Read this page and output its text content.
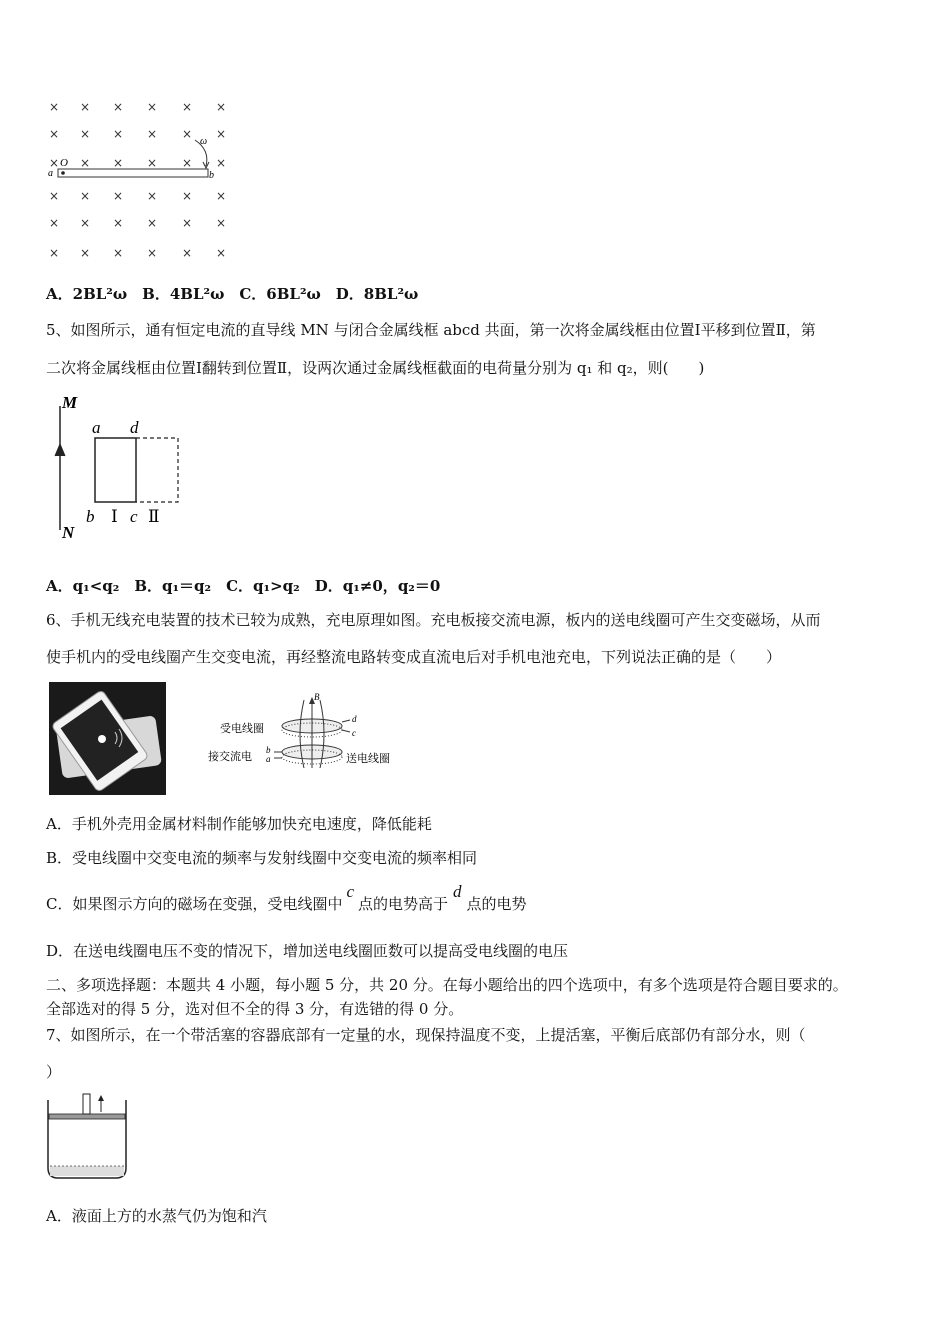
× × × × × ×
× × × × × ×
× × × × × ×
× × × × × ×
× × × × × ×
× × × × × ×
O
a	b
ω
A．2BL²ω　B．4BL²ω　C．6BL²ω　D．8BL²ω
5、如图所示，通有恒定电流的直导线 MN 与闭合金属线框 abcd 共面，第一次将金属线框由位置Ⅰ平移到位置Ⅱ，第
二次将金属线框由位置Ⅰ翻转到位置Ⅱ，设两次通过金属线框截面的电荷量分别为 q₁ 和 q₂，则(　　)
M
N
a d
b Ⅰ c Ⅱ
A．q₁<q₂　B．q₁＝q₂　C．q₁>q₂　D．q₁≠0，q₂＝0
6、手机无线充电装置的技术已较为成熟，充电原理如图。充电板接交流电源，板内的送电线圈可产生交变磁场，从而
使手机内的受电线圈产生交变电流，再经整流电路转变成直流电后对手机电池充电，下列说法正确的是（　　）
B
d
c
b
a
受电线圈
接交流电	送电线圈
A．手机外壳用金属材料制作能够加快充电速度，降低能耗
B．受电线圈中交变电流的频率与发射线圈中交变电流的频率相同
C．如果图示方向的磁场在变强，受电线圈中c点的电势高于d点的电势
D．在送电线圈电压不变的情况下，增加送电线圈匝数可以提高受电线圈的电压
二、多项选择题：本题共 4 小题，每小题 5 分，共 20 分。在每小题给出的四个选项中，有多个选项是符合题目要求的。
全部选对的得 5 分，选对但不全的得 3 分，有选错的得 0 分。
7、如图所示，在一个带活塞的容器底部有一定量的水，现保持温度不变，上提活塞，平衡后底部仍有部分水，则（
）
A．液面上方的水蒸气仍为饱和汽
